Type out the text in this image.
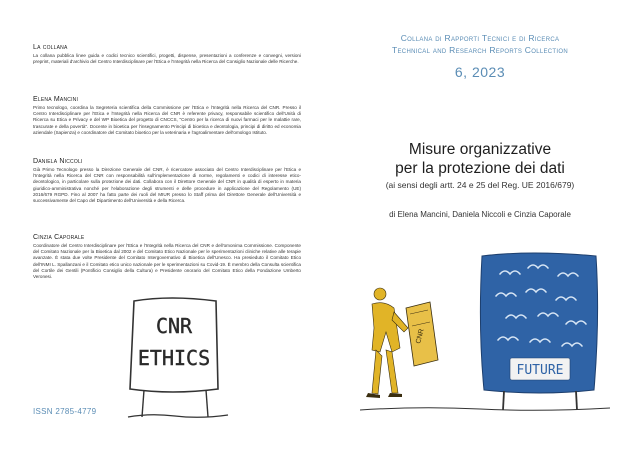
La collana

La collana pubblica linee guida e codici tecnico scientifici, progetti, dispense, presentazioni a conferenze e convegni, versioni preprint, materiali d'archivio del Centro Interdisciplinare per l'Etica e l'Integrità nella Ricerca del Consiglio Nazionale delle Ricerche.

Elena Mancini

Primo tecnologo, coordina la Segreteria scientifica della Commissione per l'Etica e l'Integrità nella Ricerca del CNR. Presso il Centro Interdisciplinare per l'Etica e l'Integrità nella Ricerca del CNR è referente privacy, responsabile scientifico dell'Unità di Ricerca su Etica e Privacy e del WP Bioetica del progetto di CNCCS, "Centro per la ricerca di nuovi farmaci per le malattie rare, trascurate e della povertà". Docente in bioetica per l'insegnamento Principi di bioetica e deontologia, principi di diritto ed economia aziendale (Sapienza) e coordinatore del Comitato bioetico per la veterinaria e l'agroalimentare dell'omologo Istituto.

Daniela Niccoli

Già Primo Tecnologo presso la Direzione Generale del CNR, è ricercatore associato del Centro Interdisciplinare per l'Etica e l'Integrità nella Ricerca del CNR con responsabilità sull'implementazione di norme, regolamenti e codici di interesse etico-deontologico, in particolare sulla protezione dei dati. Collabora con il Direttore Generale del CNR in qualità di esperto in materia giuridico-amministrativa nonché per l'elaborazione degli strumenti e delle procedure in applicazione del Regolamento (UE) 2016/679 RGPD. Fino al 2007 ha fatto parte dei ruoli del MIUR presso lo Staff prima del Direttore Generale dell'Università e successivamente del Capo del Dipartimento dell'Università e della Ricerca.

Cinzia Caporale

Coordinatore del Centro Interdisciplinare per l'Etica e l'Integrità nella Ricerca del CNR e dell'omonima Commissione. Componente del Comitato Nazionale per la Bioetica dal 2002 e del Comitato Etico Nazionale per le sperimentazioni cliniche relative alle terapie avanzate. È stata due volte Presidente del Comitato Intergovernativo di Bioetica dell'Unesco. Ha presieduto il Comitato Etico dell'INMI L. Spallanzani e il Comitato etico unico nazionale per le sperimentazioni su Covid-19. È membro della Consulta scientifica del Cortile dei Gentili (Pontificio Consiglio della Cultura) e Presidente onorario del Comitato Etico della Fondazione Umberto Veronesi.

CNR
ETHICS
ISSN 2785-4779
Collana di Rapporti Tecnici e di Ricerca
Technical and Research Reports Collection
6, 2023
Misure organizzative
per la protezione dei dati
(ai sensi degli artt. 24 e 25 del Reg. UE 2016/679)
di Elena Mancini, Daniela Niccoli e Cinzia Caporale
CNR
FUTURE
